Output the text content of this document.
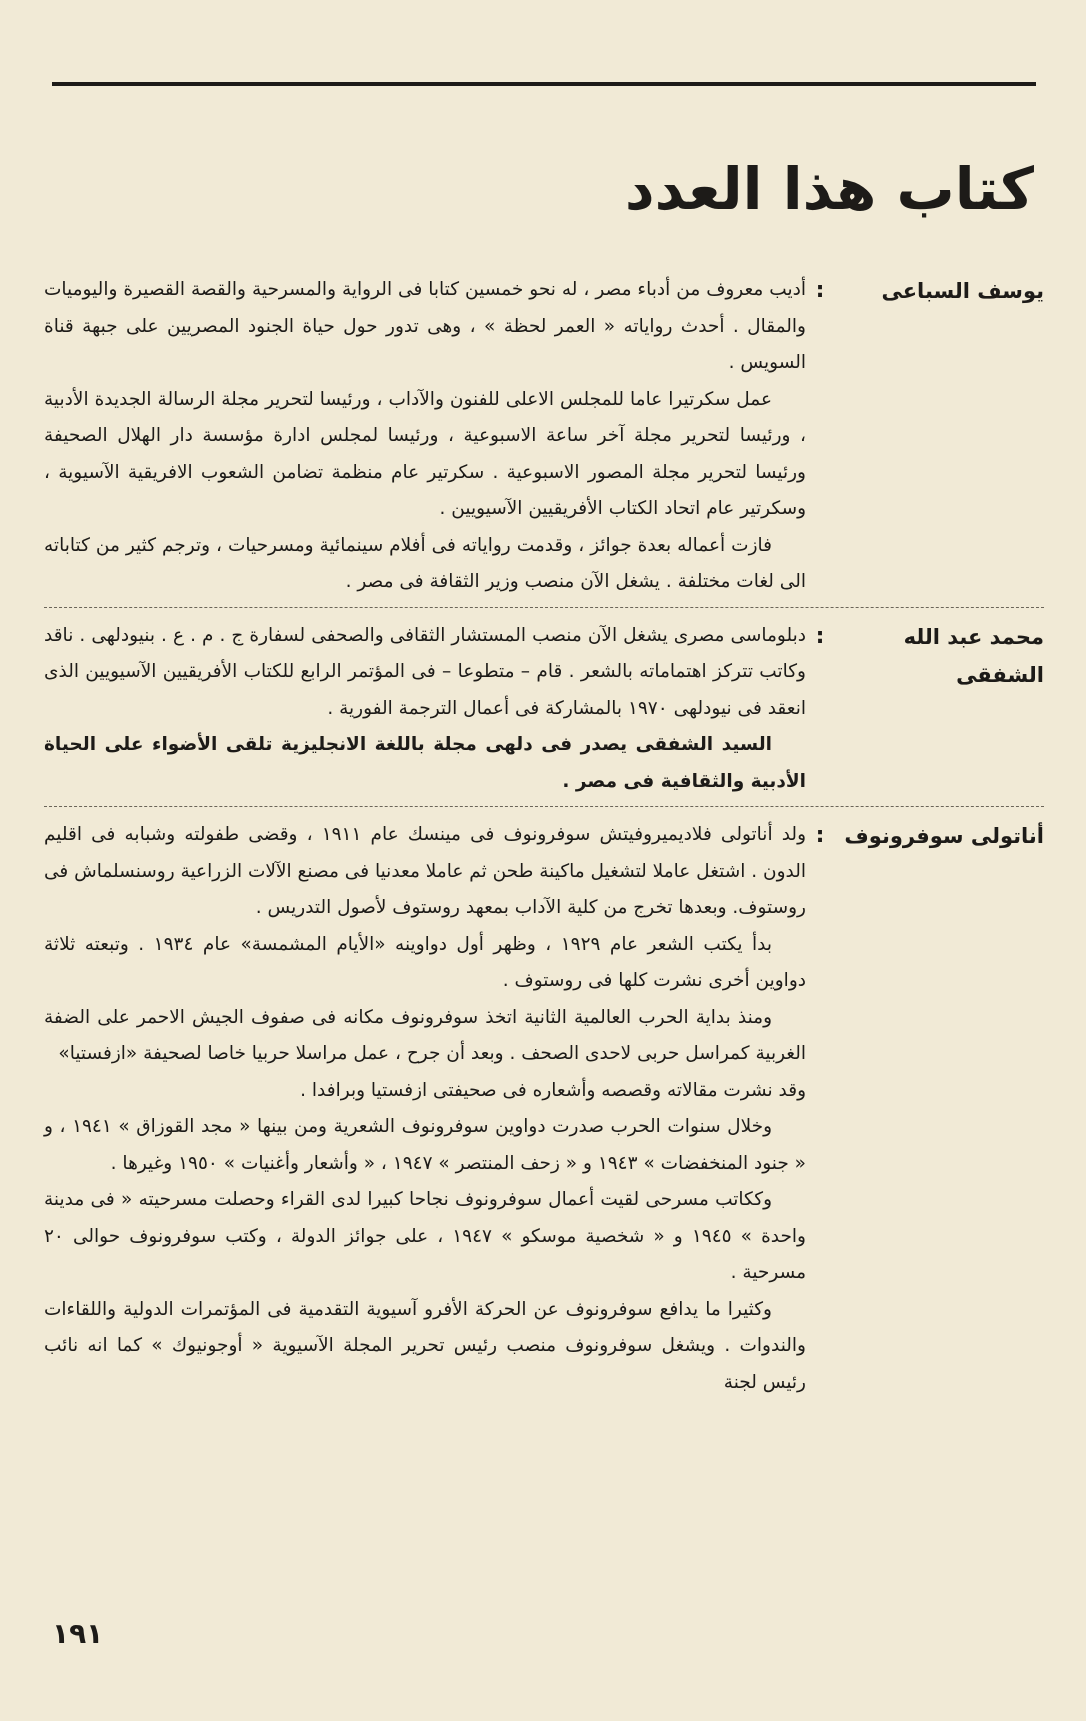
كتاب هذا العدد
يوسف السباعى
:

أديب معروف من أدباء مصر ، له نحو خمسين كتابا فى الرواية والمسرحية والقصة القصيرة واليوميات والمقال . أحدث رواياته « العمر لحظة » ، وهى تدور حول حياة الجنود المصريين على جبهة قناة السويس .

عمل سكرتيرا عاما للمجلس الاعلى للفنون والآداب ، ورئيسا لتحرير مجلة الرسالة الجديدة الأدبية ، ورئيسا لتحرير مجلة آخر ساعة الاسبوعية ، ورئيسا لمجلس ادارة مؤسسة دار الهلال الصحيفة ورئيسا لتحرير مجلة المصور الاسبوعية . سكرتير عام منظمة تضامن الشعوب الافريقية الآسيوية ، وسكرتير عام اتحاد الكتاب الأفريقيين الآسيويين .

فازت أعماله بعدة جوائز ، وقدمت رواياته فى أفلام سينمائية ومسرحيات ، وترجم كثير من كتاباته الى لغات مختلفة . يشغل الآن منصب وزير الثقافة فى مصر .

محمد عبد الله الشفقى
:

دبلوماسى مصرى يشغل الآن منصب المستشار الثقافى والصحفى لسفارة ج . م . ع . بنيودلهى . ناقد وكاتب تتركز اهتماماته بالشعر . قام – متطوعا – فى المؤتمر الرابع للكتاب الأفريقيين الآسيويين الذى انعقد فى نيودلهى ١٩٧٠ بالمشاركة فى أعمال الترجمة الفورية .

السيد الشفقى يصدر فى دلهى مجلة باللغة الانجليزية تلقى الأضواء على الحياة الأدبية والثقافية فى مصر .

أناتولى سوفرونوف
:

ولد أناتولى فلاديميروفيتش سوفرونوف فى مينسك عام ١٩١١ ، وقضى طفولته وشبابه فى اقليم الدون . اشتغل عاملا لتشغيل ماكينة طحن ثم عاملا معدنيا فى مصنع الآلات الزراعية روسنسلماش فى روستوف. وبعدها تخرج من كلية الآداب بمعهد روستوف لأصول التدريس .

بدأ يكتب الشعر عام ١٩٢٩ ، وظهر أول دواوينه «الأيام المشمسة» عام ١٩٣٤ . وتبعته ثلاثة دواوين أخرى نشرت كلها فى روستوف .

ومنذ بداية الحرب العالمية الثانية اتخذ سوفرونوف مكانه فى صفوف الجيش الاحمر على الضفة الغربية كمراسل حربى لاحدى الصحف . وبعد أن جرح ، عمل مراسلا حربيا خاصا لصحيفة «ازفستيا»

وقد نشرت مقالاته وقصصه وأشعاره فى صحيفتى ازفستيا وبرافدا .

وخلال سنوات الحرب صدرت دواوين سوفرونوف الشعرية ومن بينها « مجد القوزاق » ١٩٤١ ، و « جنود المنخفضات » ١٩٤٣ و « زحف المنتصر » ١٩٤٧ ، « وأشعار وأغنيات » ١٩٥٠ وغيرها .

وككاتب مسرحى لقيت أعمال سوفرونوف نجاحا كبيرا لدى القراء وحصلت مسرحيته « فى مدينة واحدة » ١٩٤٥ و « شخصية موسكو » ١٩٤٧ ، على جوائز الدولة ، وكتب سوفرونوف حوالى ٢٠ مسرحية .

وكثيرا ما يدافع سوفرونوف عن الحركة الأفرو آسيوية التقدمية فى المؤتمرات الدولية واللقاءات والندوات . ويشغل سوفرونوف منصب رئيس تحرير المجلة الآسيوية « أوجونيوك » كما انه نائب رئيس لجنة

١٩١
